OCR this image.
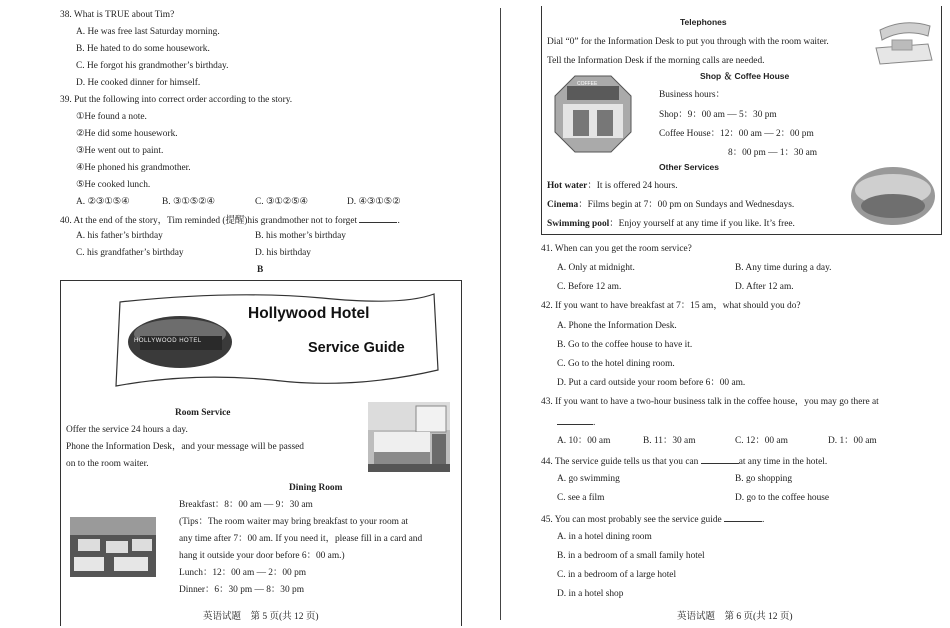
38. What is TRUE about Tim?
A. He was free last Saturday morning.
B. He hated to do some housework.
C. He forgot his grandmother’s birthday.
D. He cooked dinner for himself.
39. Put the following into correct order according to the story.
①He found a note.
②He did some housework.
③He went out to paint.
④He phoned his grandmother.
⑤He cooked lunch.
A. ②③①⑤④	B. ③①⑤②④	C. ③①②⑤④	D. ④③①⑤②
40. At the end of the story，Tim reminded (提醒)his grandmother not to forget	.
A. his father’s birthday	B. his mother’s birthday
C. his grandfather’s birthday	D. his birthday
B
HOLLYWOOD HOTEL
Hollywood Hotel
Service Guide
Room Service
Offer the service 24 hours a day.
Phone the Information Desk，and your message will be passed
on to the room waiter.
Dining Room
Breakfast：8：00 am — 9：30 am
(Tips：The room waiter may bring breakfast to your room at
any time after 7：00 am. If you need it，please fill in a card and
hang it outside your door before 6：00 am.)
Lunch：12：00 am — 2：00 pm
Dinner：6：30 pm — 8：30 pm
英语试题　第 5 页(共 12 页)
Telephones
Dial “0” for the Information Desk to put you through with the room waiter.
Tell the Information Desk if the morning calls are needed.
Shop ＆ Coffee House
COFFEE
Business hours：
Shop：9：00 am — 5：30 pm
Coffee House：12：00 am — 2：00 pm
8：00 pm — 1：30 am
Other Services
Hot water：It is offered 24 hours.
Cinema：Films begin at 7：00 pm on Sundays and Wednesdays.
Swimming pool：Enjoy yourself at any time if you like. It’s free.
41. When can you get the room service?
A. Only at midnight.	B. Any time during a day.
C. Before 12 am.	D. After 12 am.
42. If you want to have breakfast at 7：15 am，what should you do?
A. Phone the Information Desk.
B. Go to the coffee house to have it.
C. Go to the hotel dining room.
D. Put a card outside your room before 6：00 am.
43. If you want to have a two-hour business talk in the coffee house，you may go there at
.
A. 10：00 am	B. 11：30 am	C. 12：00 am	D. 1：00 am
44. The service guide tells us that you can	at any time in the hotel.
A. go swimming	B. go shopping
C. see a film	D. go to the coffee house
45. You can most probably see the service guide	.
A. in a hotel dining room
B. in a bedroom of a small family hotel
C. in a bedroom of a large hotel
D. in a hotel shop
英语试题　第 6 页(共 12 页)
